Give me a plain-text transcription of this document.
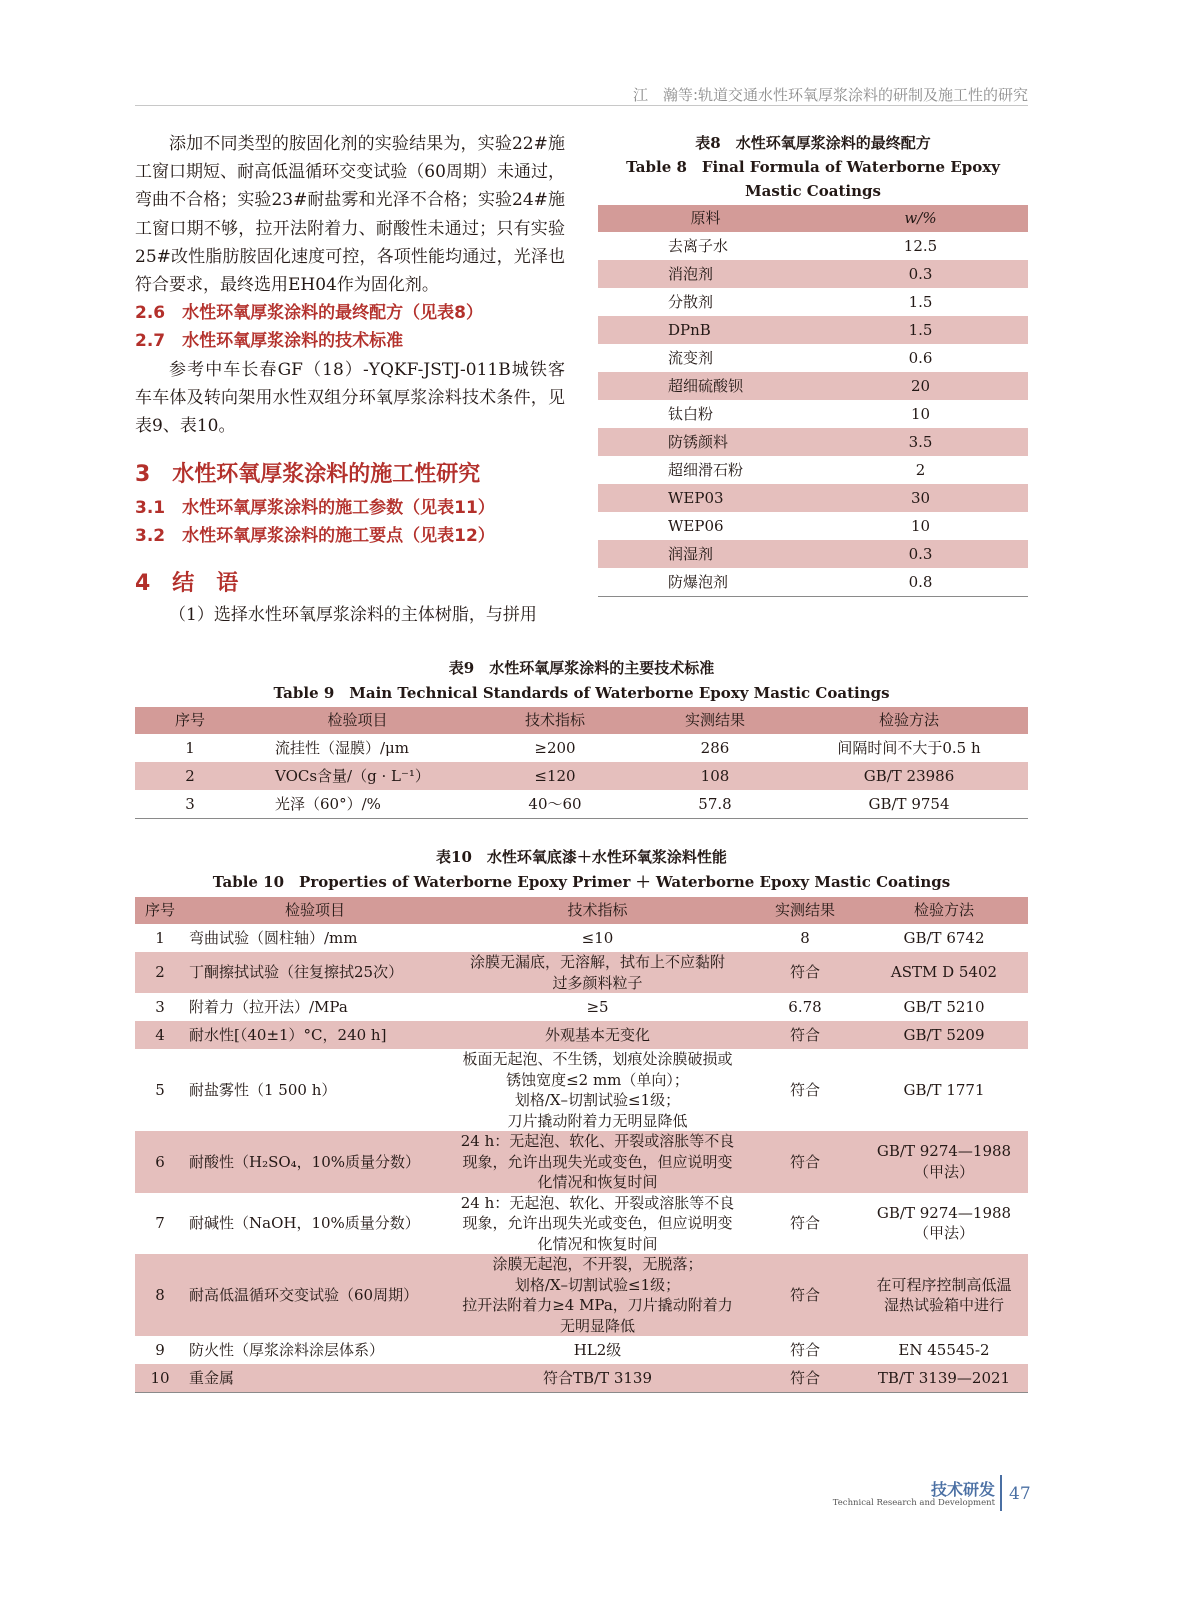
江　瀚等:轨道交通水性环氧厚浆涂料的研制及施工性的研究
添加不同类型的胺固化剂的实验结果为，实验22#施工窗口期短、耐高低温循环交变试验（60周期）未通过，弯曲不合格；实验23#耐盐雾和光泽不合格；实验24#施工窗口期不够，拉开法附着力、耐酸性未通过；只有实验25#改性脂肪胺固化速度可控，各项性能均通过，光泽也符合要求，最终选用EH04作为固化剂。
2.6　水性环氧厚浆涂料的最终配方（见表8）
2.7　水性环氧厚浆涂料的技术标准
参考中车长春GF（18）-YQKF-JSTJ-011B城铁客车车体及转向架用水性双组分环氧厚浆涂料技术条件，见表9、表10。
3　水性环氧厚浆涂料的施工性研究
3.1　水性环氧厚浆涂料的施工参数（见表11）
3.2　水性环氧厚浆涂料的施工要点（见表12）
4　结　语
（1）选择水性环氧厚浆涂料的主体树脂，与拼用
表8　水性环氧厚浆涂料的最终配方
Table 8　Final Formula of Waterborne Epoxy Mastic Coatings
原料	w/%
去离子水	12.5
消泡剂	0.3
分散剂	1.5
DPnB	1.5
流变剂	0.6
超细硫酸钡	20
钛白粉	10
防锈颜料	3.5
超细滑石粉	2
WEP03	30
WEP06	10
润湿剂	0.3
防爆泡剂	0.8
表9　水性环氧厚浆涂料的主要技术标准
Table 9　Main Technical Standards of Waterborne Epoxy Mastic Coatings
序号	检验项目	技术指标	实测结果	检验方法
1	流挂性（湿膜）/μm	≥200	286	间隔时间不大于0.5 h
2	VOCs含量/（g · L⁻¹）	≤120	108	GB/T 23986
3	光泽（60°）/%	40～60	57.8	GB/T 9754
表10　水性环氧底漆＋水性环氧浆涂料性能
Table 10　Properties of Waterborne Epoxy Primer ＋ Waterborne Epoxy Mastic Coatings
序号	检验项目	技术指标	实测结果	检验方法
1	弯曲试验（圆柱轴）/mm	≤10	8	GB/T 6742
2	丁酮擦拭试验（往复擦拭25次）	涂膜无漏底，无溶解，拭布上不应黏附
过多颜料粒子	符合	ASTM D 5402
3	附着力（拉开法）/MPa	≥5	6.78	GB/T 5210
4	耐水性[（40±1）°C，240 h]	外观基本无变化	符合	GB/T 5209
5	耐盐雾性（1 500 h）	板面无起泡、不生锈，划痕处涂膜破损或
锈蚀宽度≤2 mm（单向）；
划格/X–切割试验≤1级；
刀片撬动附着力无明显降低	符合	GB/T 1771
6	耐酸性（H₂SO₄，10%质量分数）	24 h：无起泡、软化、开裂或溶胀等不良
现象，允许出现失光或变色，但应说明变
化情况和恢复时间	符合	GB/T 9274—1988
（甲法）
7	耐碱性（NaOH，10%质量分数）	24 h：无起泡、软化、开裂或溶胀等不良
现象，允许出现失光或变色，但应说明变
化情况和恢复时间	符合	GB/T 9274—1988
（甲法）
8	耐高低温循环交变试验（60周期）	涂膜无起泡，不开裂，无脱落；
划格/X–切割试验≤1级；
拉开法附着力≥4 MPa，刀片撬动附着力
无明显降低	符合	在可程序控制高低温
湿热试验箱中进行
9	防火性（厚浆涂料涂层体系）	HL2级	符合	EN 45545-2
10	重金属	符合TB/T 3139	符合	TB/T 3139—2021
技术研发
Technical Research and Development 47
